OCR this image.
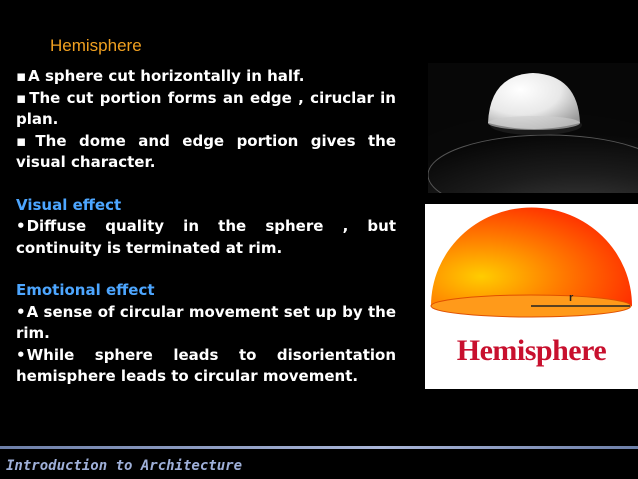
Hemisphere

▪ A sphere cut horizontally in half.

▪ The cut portion forms an edge , ciruclar in plan.

▪ The dome and edge portion gives the visual character.

Visual effect

• Diffuse quality in the sphere , but continuity is terminated at rim.

Emotional effect

• A sense of circular movement set up by the rim.

• While sphere leads to disorientation hemisphere leads to circular movement.

r
Hemisphere
Introduction to Architecture
